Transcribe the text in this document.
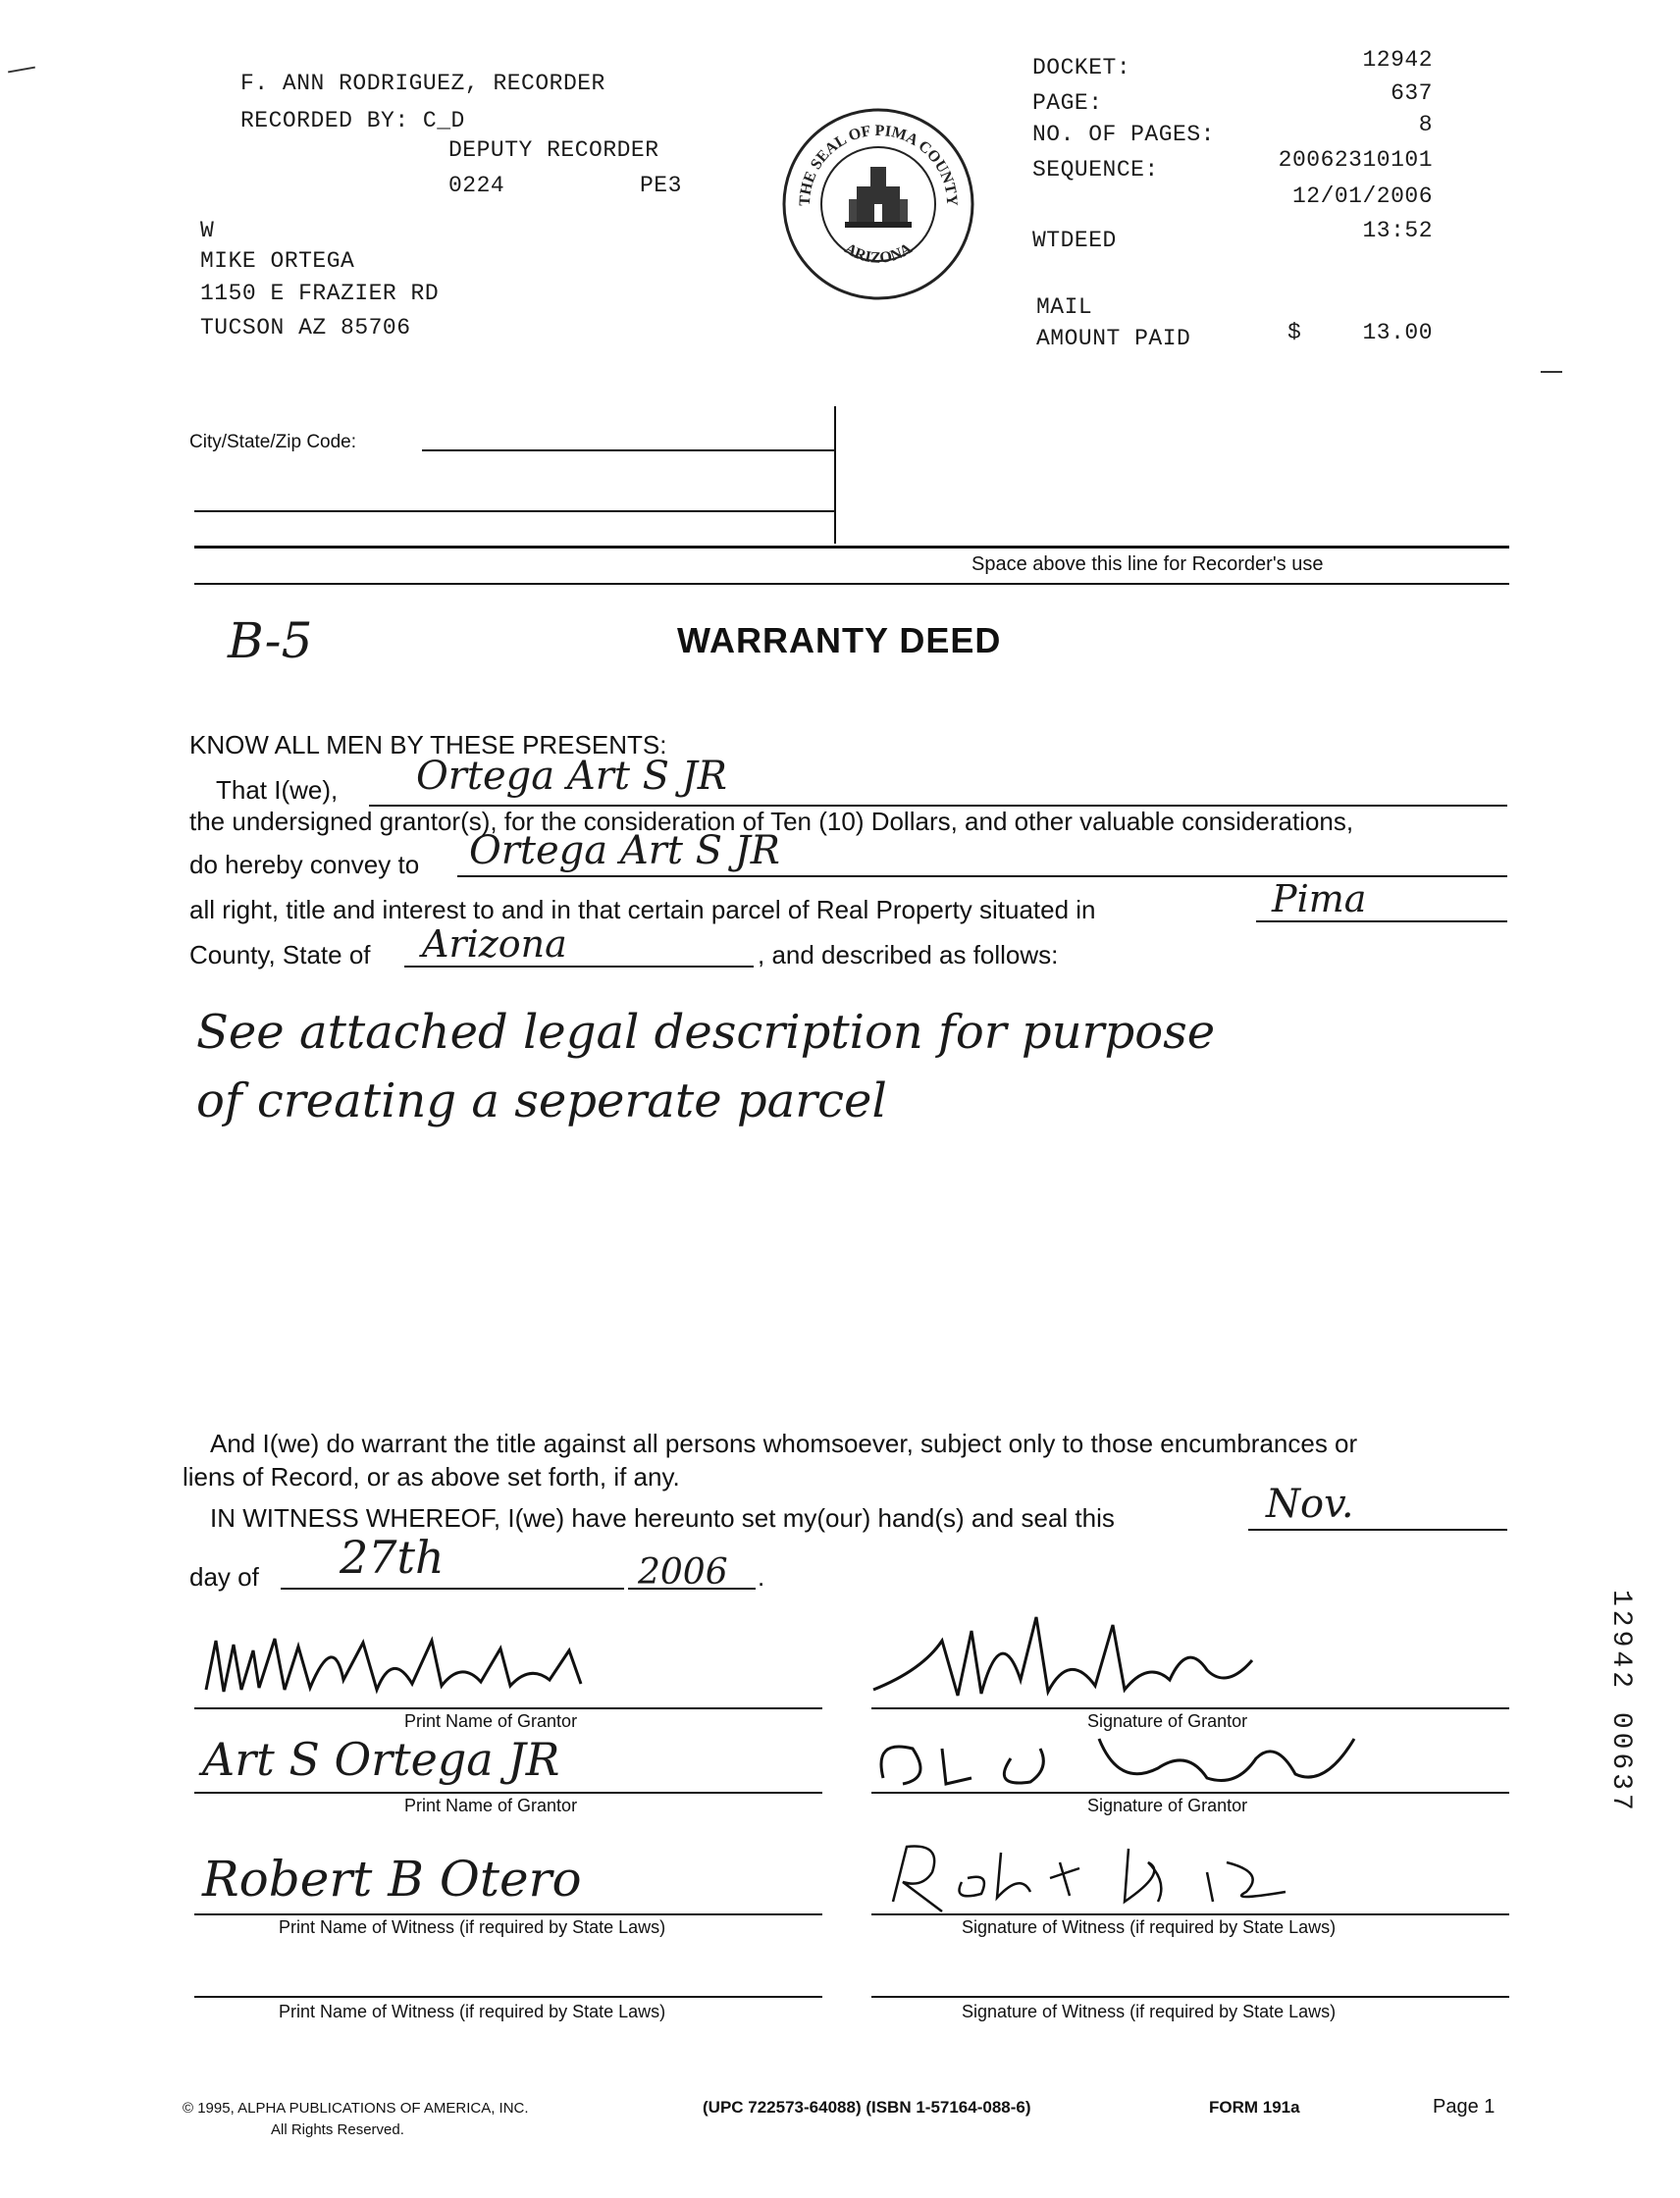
F. ANN RODRIGUEZ, RECORDER
RECORDED BY: C_D
DEPUTY RECORDER
0224	PE3
W
MIKE ORTEGA
1150 E FRAZIER RD
TUCSON AZ 85706
THE SEAL OF PIMA COUNTY
ARIZONA
DOCKET:	12942
PAGE:	637
NO. OF PAGES:	8
SEQUENCE:	20062310101
12/01/2006
WTDEED	13:52
MAIL
AMOUNT PAID	$	13.00
City/State/Zip Code:
Space above this line for Recorder's use
B-5	WARRANTY DEED
KNOW ALL MEN BY THESE PRESENTS:
That I(we), Ortega Art S JR
the undersigned grantor(s), for the consideration of Ten (10) Dollars, and other valuable considerations,
do hereby convey to Ortega Art S JR
all right, title and interest to and in that certain parcel of Real Property situated in	Pima
County, State of Arizona	, and described as follows:
See attached legal description for purpose
of creating a seperate parcel
And I(we) do warrant the title against all persons whomsoever, subject only to those encumbrances or
liens of Record, or as above set forth, if any.
IN WITNESS WHEREOF, I(we) have hereunto set my(our) hand(s) and seal this	Nov.
day of 27th	2006 .
Print Name of Grantor	Signature of Grantor
Art S Ortega JR
Print Name of Grantor	Signature of Grantor
Robert B Otero
Print Name of Witness (if required by State Laws)	Signature of Witness (if required by State Laws)
Print Name of Witness (if required by State Laws)	Signature of Witness (if required by State Laws)
12942 00637
© 1995, ALPHA PUBLICATIONS OF AMERICA, INC.
All Rights Reserved.
(UPC 722573-64088) (ISBN 1-57164-088-6)	FORM 191a	Page 1
